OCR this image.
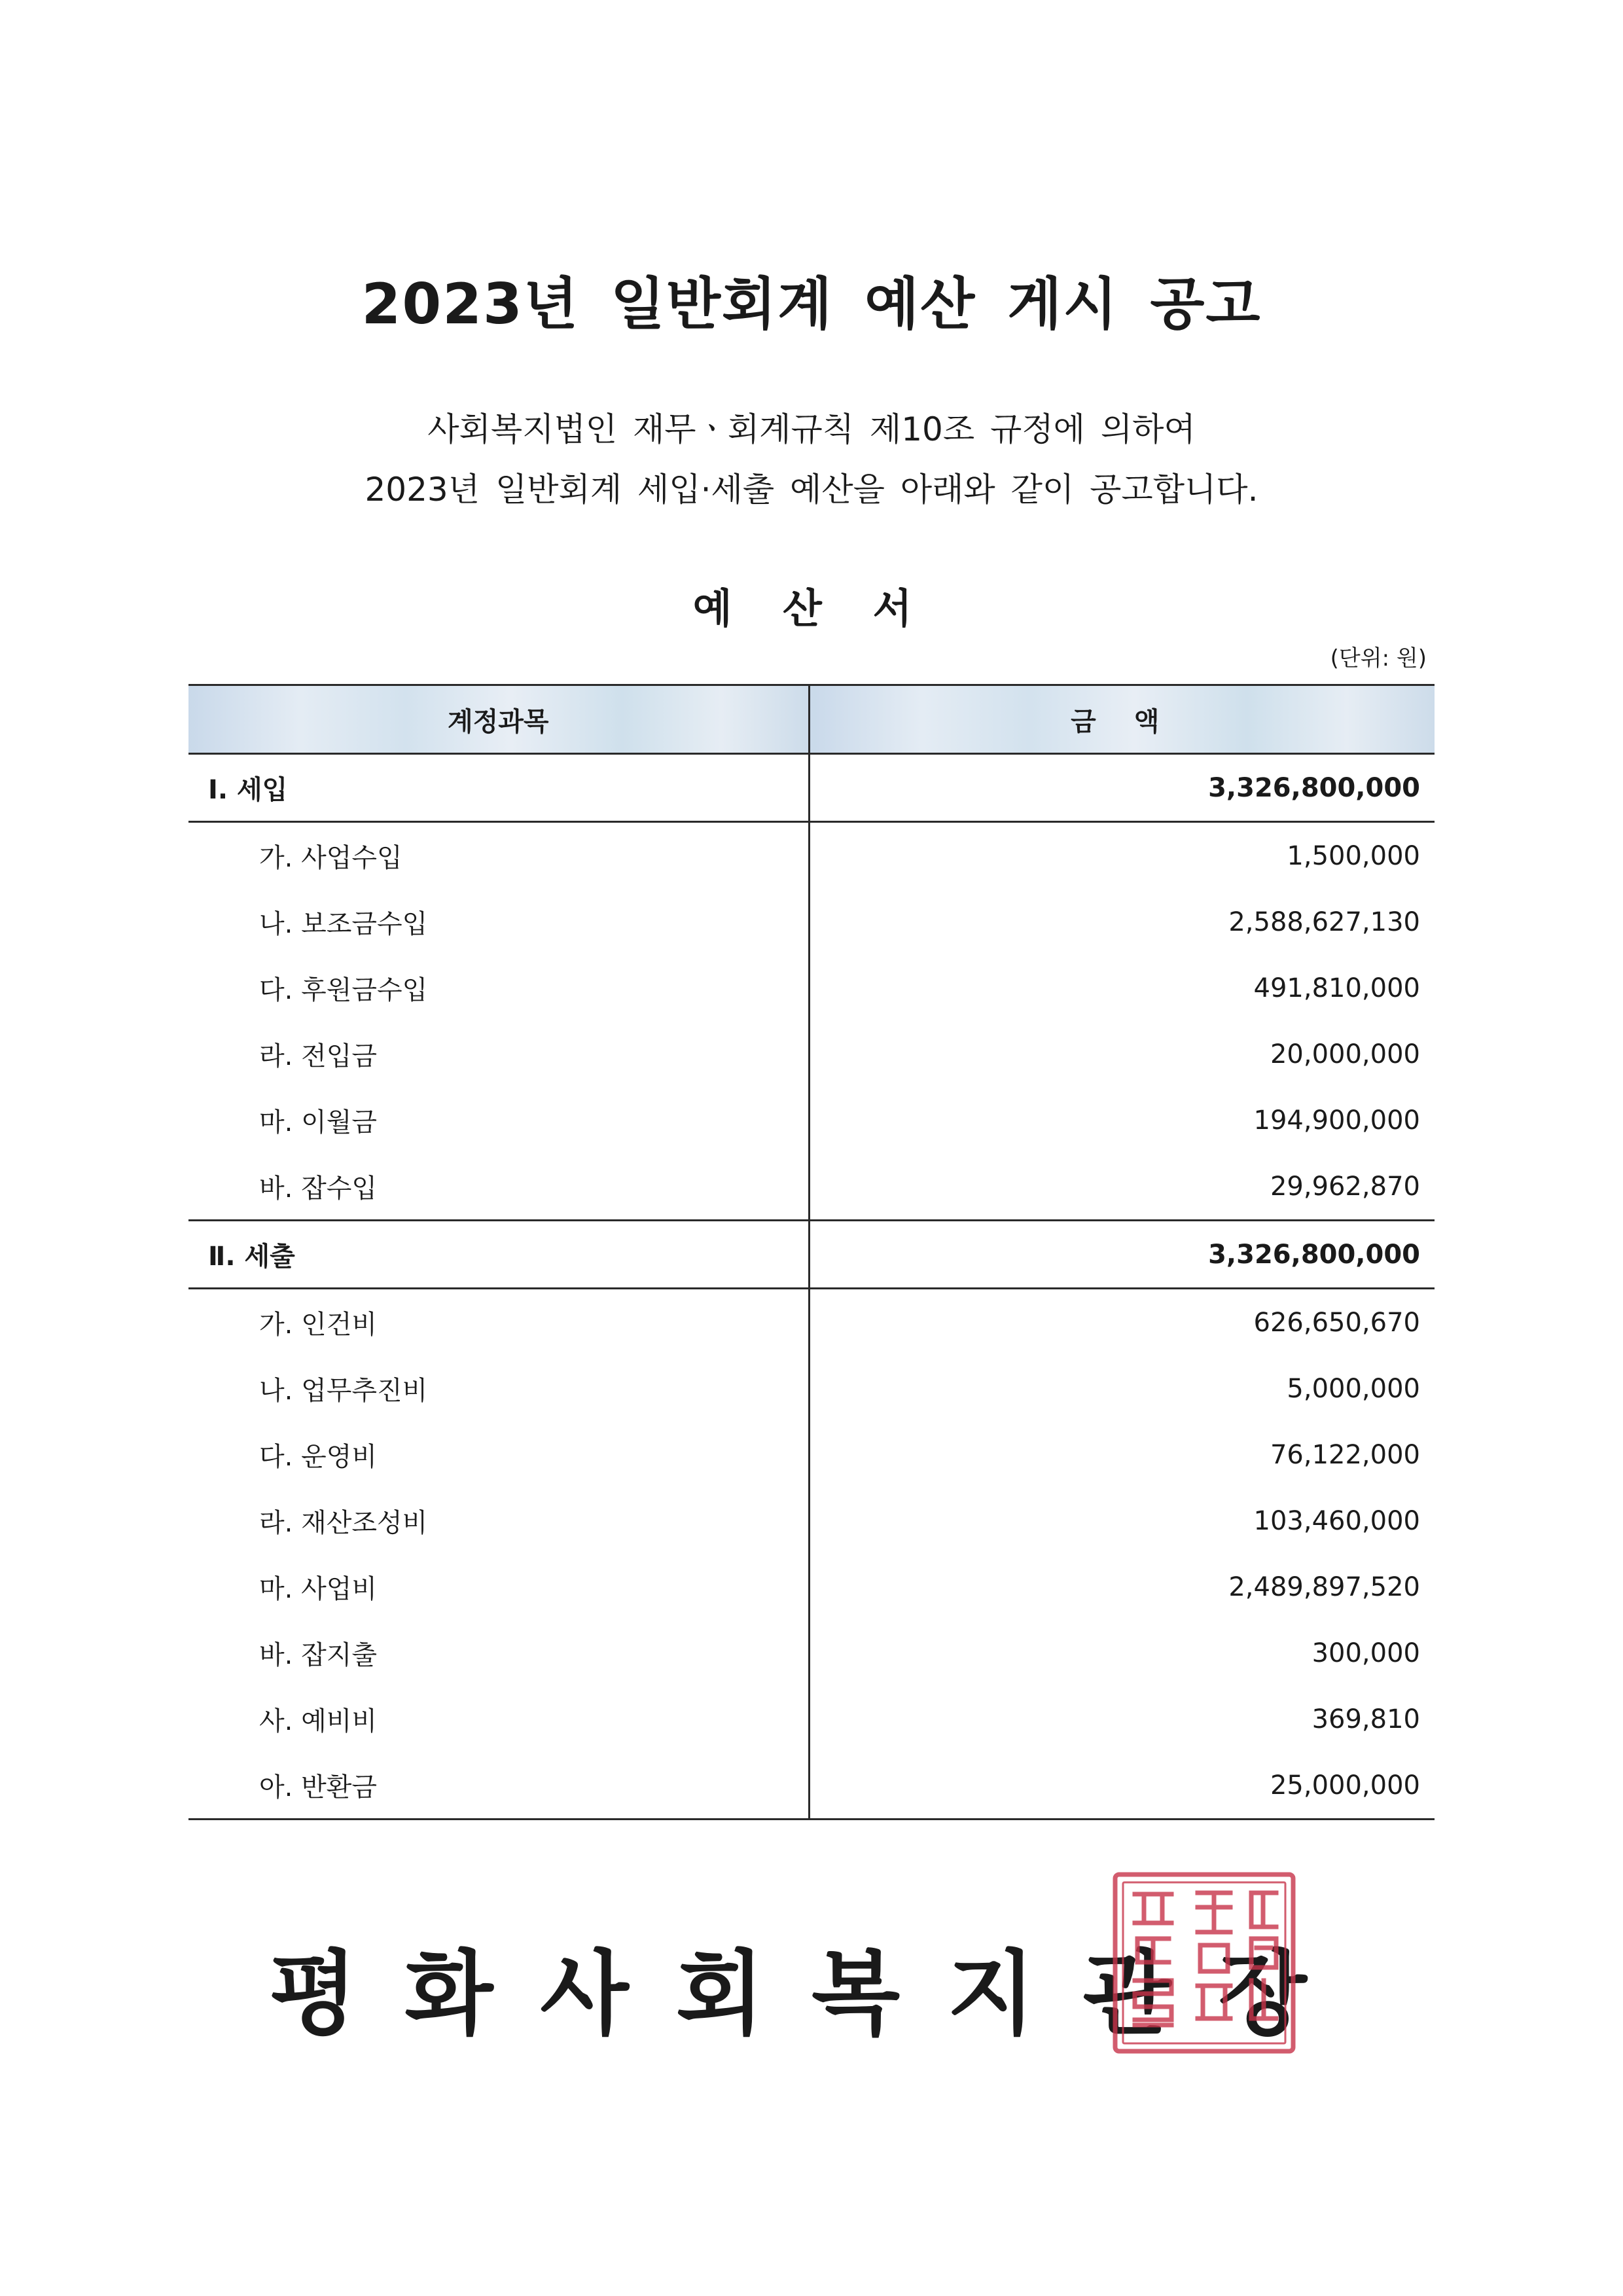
2023년 일반회계 예산 게시 공고
사회복지법인 재무ㆍ회계규칙 제10조 규정에 의하여
2023년 일반회계 세입·세출 예산을 아래와 같이 공고합니다.
예 산 서
(단위: 원)
계정과목	금 액
Ⅰ. 세입	3,326,800,000
가. 사업수입	1,500,000
나. 보조금수입	2,588,627,130
다. 후원금수입	491,810,000
라. 전입금	20,000,000
마. 이월금	194,900,000
바. 잡수입	29,962,870
Ⅱ. 세출	3,326,800,000
가. 인건비	626,650,670
나. 업무추진비	5,000,000
다. 운영비	76,122,000
라. 재산조성비	103,460,000
마. 사업비	2,489,897,520
바. 잡지출	300,000
사. 예비비	369,810
아. 반환금	25,000,000
평화사회복지관장
